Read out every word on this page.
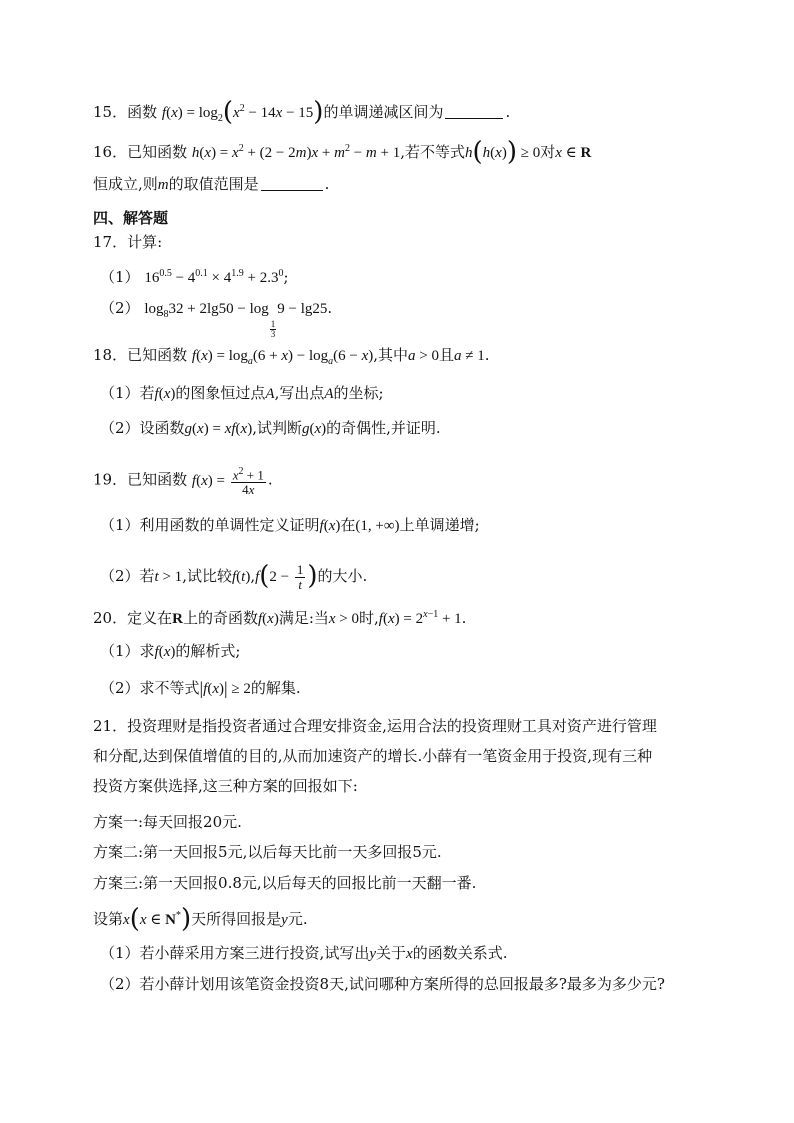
15．函数 $f(x) = \log_2(x^2 - 14x - 15)$的单调递减区间为	.
16．已知函数 $h(x) = x^2 + (2 - 2m)x + m^2 - m + 1$,若不等式h(h(x)) ≥ 0对x ∈ R
恒成立,则m的取值范围是	.
四、解答题
17．计算:
（1） $16^{0.5} - 4^{0.1} \times 4^{1.9} + 2.3^0$;
（2） $\log_832 + 2\lg 50 - \log$
$\frac{1}{3}$
9 − lg25.
18．已知函数 $f(x) = \log_a(6 + x) - \log_a(6 - x)$,其中a > 0且a ≠ 1.
（1）若f(x)的图象恒过点A,写出点A的坐标;
（2）设函数g(x) = xf(x),试判断g(x)的奇偶性,并证明.
19．已知函数 $f(x) = \frac{x^2 + 1}{4x}$ .
（1）利用函数的单调性定义证明f(x)在(1, +∞)上单调递增;
（2）若t > 1,试比较$f(t),f(2 - \frac{1}{t}$ )的大小.
20．定义在R上的奇函数f(x)满足:当x > 0时$,f(x) = 2^{x-1} + 1$.
（1）求f(x)的解析式;
（2）求不等式|f(x)| ≥ 2的解集.
21．投资理财是指投资者通过合理安排资金,运用合法的投资理财工具对资产进行管理
和分配,达到保值增值的目的,从而加速资产的增长.小薛有一笔资金用于投资,现有三种
投资方案供选择,这三种方案的回报如下:
方案一:每天回报20元.
方案二:第一天回报5元,以后每天比前一天多回报5元.
方案三:第一天回报0.8元,以后每天的回报比前一天翻一番.
设第x(x ∈ N*)天所得回报是y元.
（1）若小薛采用方案三进行投资,试写出y关于x的函数关系式.
（2）若小薛计划用该笔资金投资8天,试问哪种方案所得的总回报最多?最多为多少元?
